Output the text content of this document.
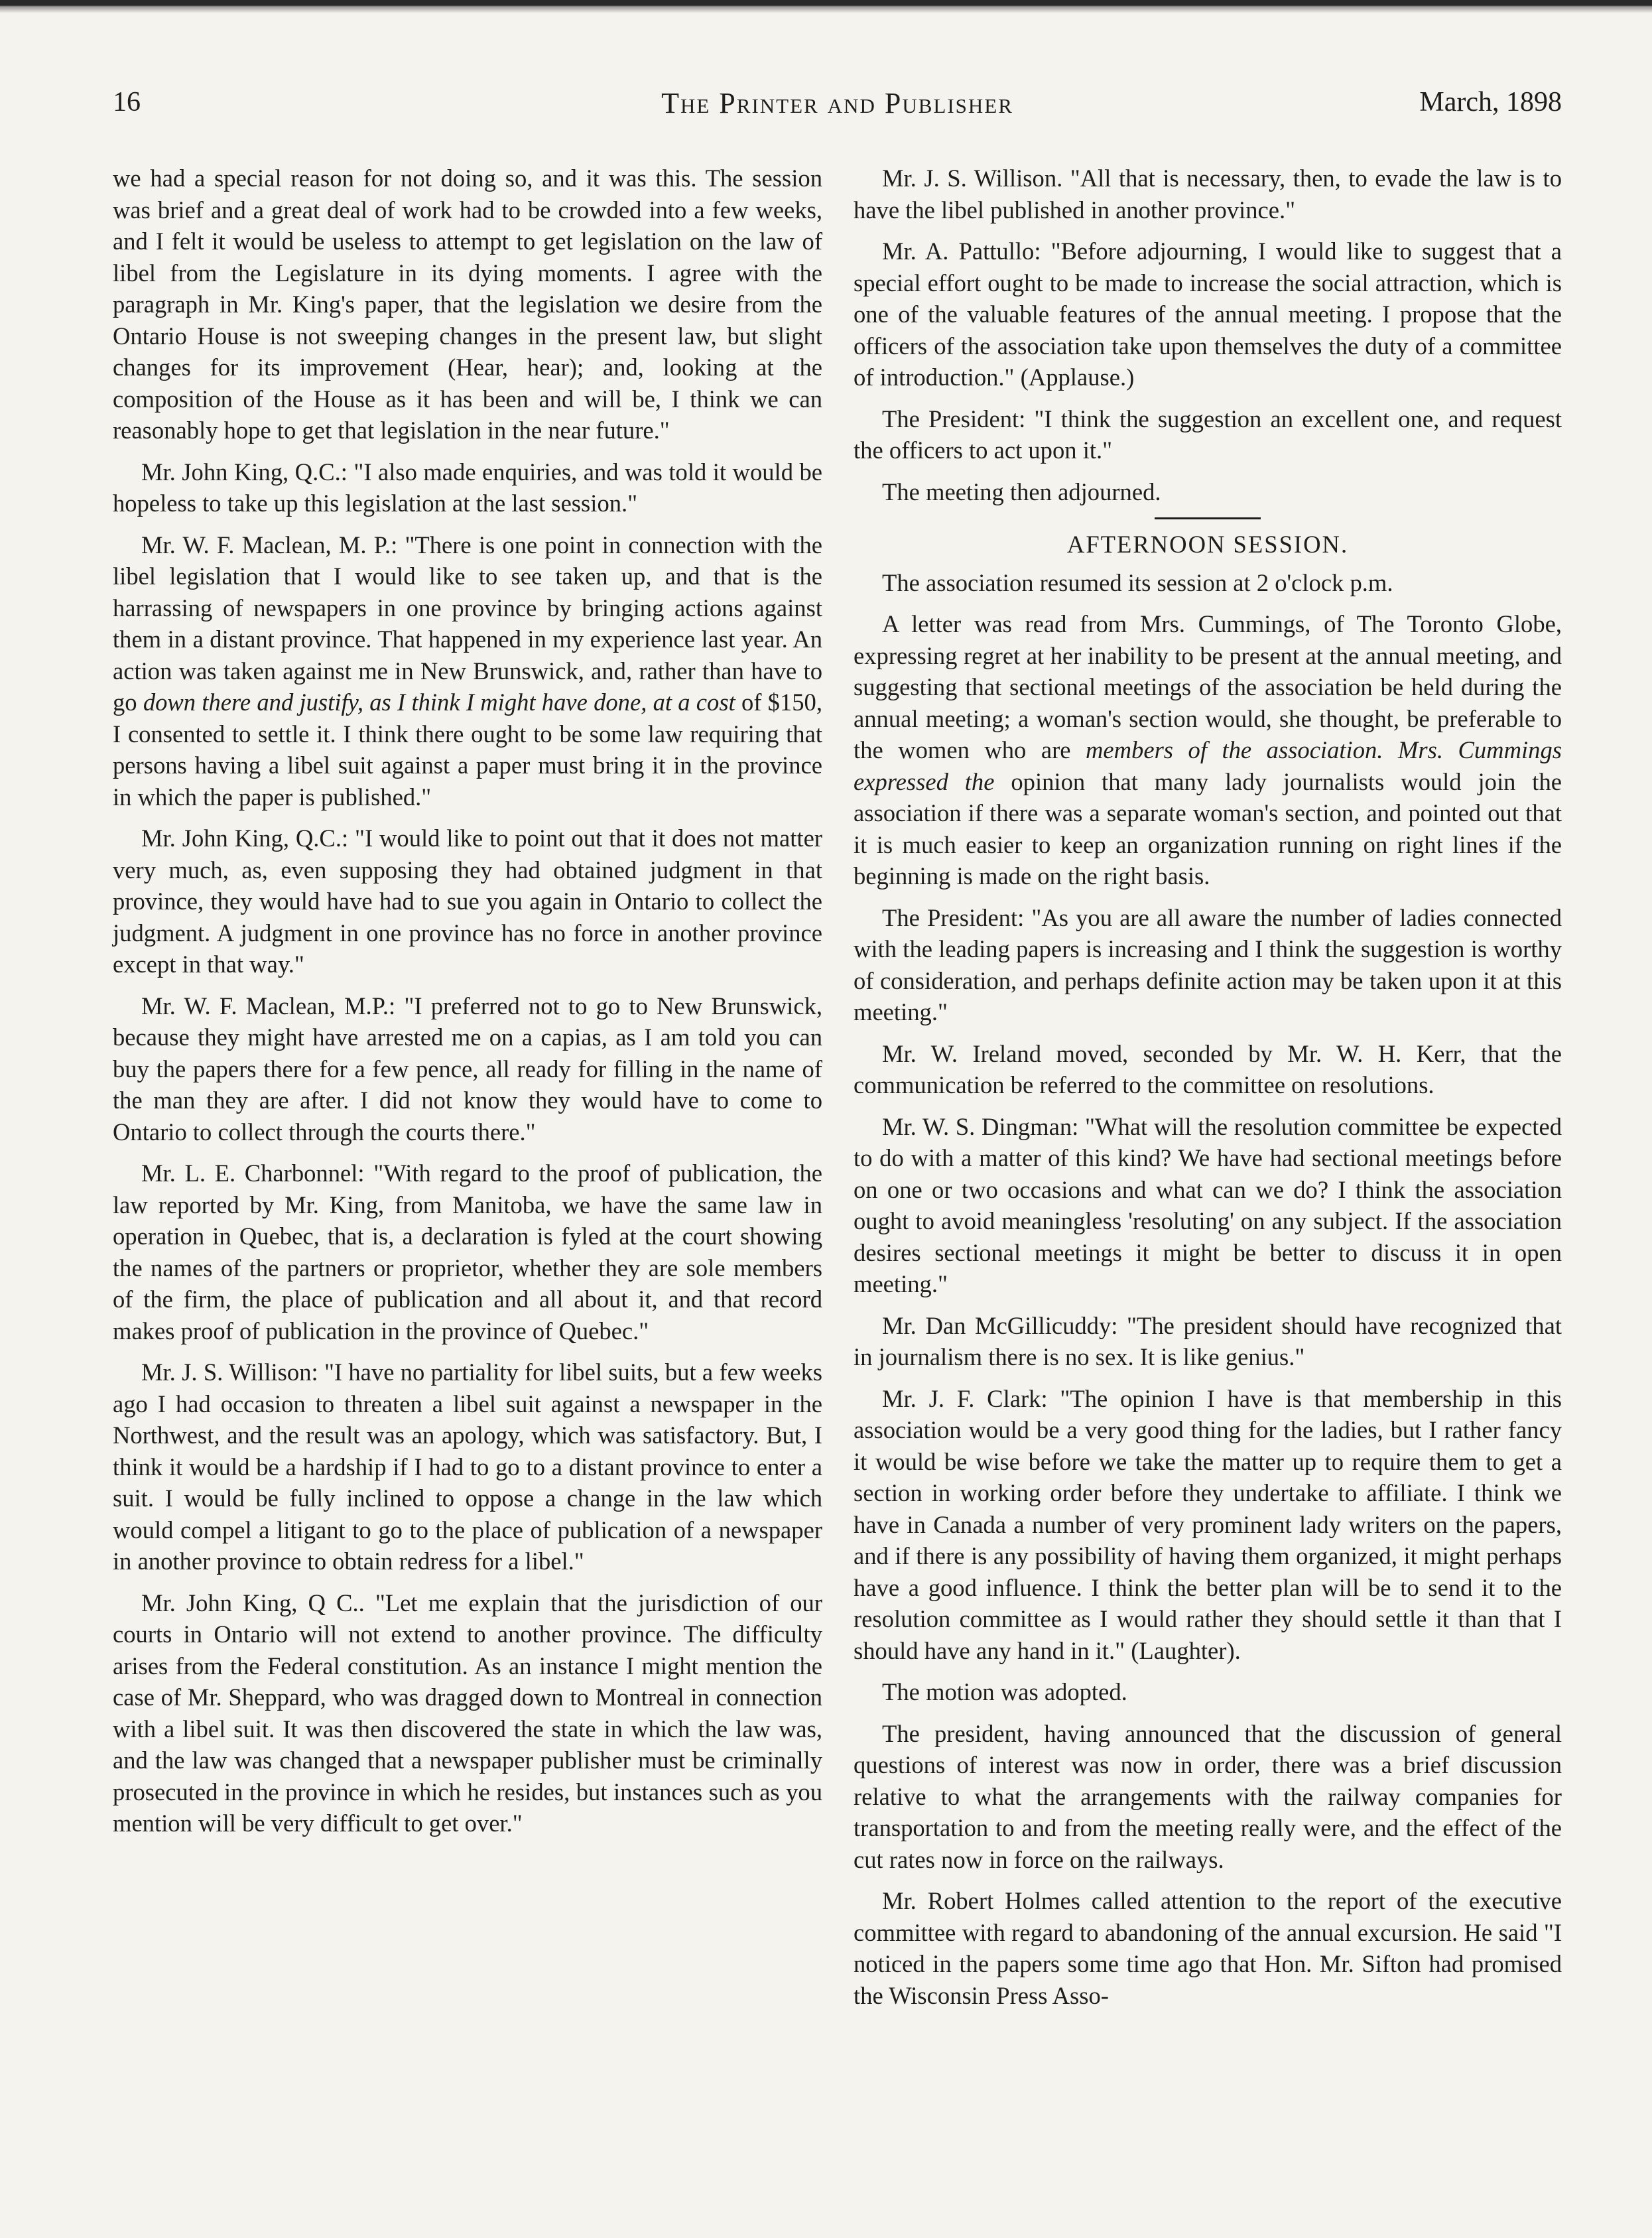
16	The Printer and Publisher	March, 1898

we had a special reason for not doing so, and it was this. The session was brief and a great deal of work had to be crowded into a few weeks, and I felt it would be useless to attempt to get legislation on the law of libel from the Legislature in its dying moments. I agree with the paragraph in Mr. King's paper, that the legislation we desire from the Ontario House is not sweeping changes in the present law, but slight changes for its improvement (Hear, hear); and, looking at the composition of the House as it has been and will be, I think we can reasonably hope to get that legislation in the near future."

Mr. John King, Q.C.: "I also made enquiries, and was told it would be hopeless to take up this legislation at the last session."

Mr. W. F. Maclean, M. P.: "There is one point in connection with the libel legislation that I would like to see taken up, and that is the harrassing of newspapers in one province by bringing actions against them in a distant province. That happened in my experience last year. An action was taken against me in New Brunswick, and, rather than have to go down there and justify, as I think I might have done, at a cost of $150, I consented to settle it. I think there ought to be some law requiring that persons having a libel suit against a paper must bring it in the province in which the paper is published."

Mr. John King, Q.C.: "I would like to point out that it does not matter very much, as, even supposing they had obtained judgment in that province, they would have had to sue you again in Ontario to collect the judgment. A judgment in one province has no force in another province except in that way."

Mr. W. F. Maclean, M.P.: "I preferred not to go to New Brunswick, because they might have arrested me on a capias, as I am told you can buy the papers there for a few pence, all ready for filling in the name of the man they are after. I did not know they would have to come to Ontario to collect through the courts there."

Mr. L. E. Charbonnel: "With regard to the proof of publication, the law reported by Mr. King, from Manitoba, we have the same law in operation in Quebec, that is, a declaration is fyled at the court showing the names of the partners or proprietor, whether they are sole members of the firm, the place of publication and all about it, and that record makes proof of publication in the province of Quebec."

Mr. J. S. Willison: "I have no partiality for libel suits, but a few weeks ago I had occasion to threaten a libel suit against a newspaper in the Northwest, and the result was an apology, which was satisfactory. But, I think it would be a hardship if I had to go to a distant province to enter a suit. I would be fully inclined to oppose a change in the law which would compel a litigant to go to the place of publication of a newspaper in another province to obtain redress for a libel."

Mr. John King, Q C.. "Let me explain that the jurisdiction of our courts in Ontario will not extend to another province. The difficulty arises from the Federal constitution. As an instance I might mention the case of Mr. Sheppard, who was dragged down to Montreal in connection with a libel suit. It was then discovered the state in which the law was, and the law was changed that a newspaper publisher must be criminally prosecuted in the province in which he resides, but instances such as you mention will be very difficult to get over."

Mr. J. S. Willison. "All that is necessary, then, to evade the law is to have the libel published in another province."

Mr. A. Pattullo: "Before adjourning, I would like to suggest that a special effort ought to be made to increase the social attraction, which is one of the valuable features of the annual meeting. I propose that the officers of the association take upon themselves the duty of a committee of introduction." (Applause.)

The President: "I think the suggestion an excellent one, and request the officers to act upon it."

The meeting then adjourned.

AFTERNOON SESSION.

The association resumed its session at 2 o'clock p.m.

A letter was read from Mrs. Cummings, of The Toronto Globe, expressing regret at her inability to be present at the annual meeting, and suggesting that sectional meetings of the association be held during the annual meeting; a woman's section would, she thought, be preferable to the women who are members of the association. Mrs. Cummings expressed the opinion that many lady journalists would join the association if there was a separate woman's section, and pointed out that it is much easier to keep an organization running on right lines if the beginning is made on the right basis.

The President: "As you are all aware the number of ladies connected with the leading papers is increasing and I think the suggestion is worthy of consideration, and perhaps definite action may be taken upon it at this meeting."

Mr. W. Ireland moved, seconded by Mr. W. H. Kerr, that the communication be referred to the committee on resolutions.

Mr. W. S. Dingman: "What will the resolution committee be expected to do with a matter of this kind? We have had sectional meetings before on one or two occasions and what can we do? I think the association ought to avoid meaningless 'resoluting' on any subject. If the association desires sectional meetings it might be better to discuss it in open meeting."

Mr. Dan McGillicuddy: "The president should have recognized that in journalism there is no sex. It is like genius."

Mr. J. F. Clark: "The opinion I have is that membership in this association would be a very good thing for the ladies, but I rather fancy it would be wise before we take the matter up to require them to get a section in working order before they undertake to affiliate. I think we have in Canada a number of very prominent lady writers on the papers, and if there is any possibility of having them organized, it might perhaps have a good influence. I think the better plan will be to send it to the resolution committee as I would rather they should settle it than that I should have any hand in it." (Laughter).

The motion was adopted.

The president, having announced that the discussion of general questions of interest was now in order, there was a brief discussion relative to what the arrangements with the railway companies for transportation to and from the meeting really were, and the effect of the cut rates now in force on the railways.

Mr. Robert Holmes called attention to the report of the executive committee with regard to abandoning of the annual excursion. He said "I noticed in the papers some time ago that Hon. Mr. Sifton had promised the Wisconsin Press Asso-
